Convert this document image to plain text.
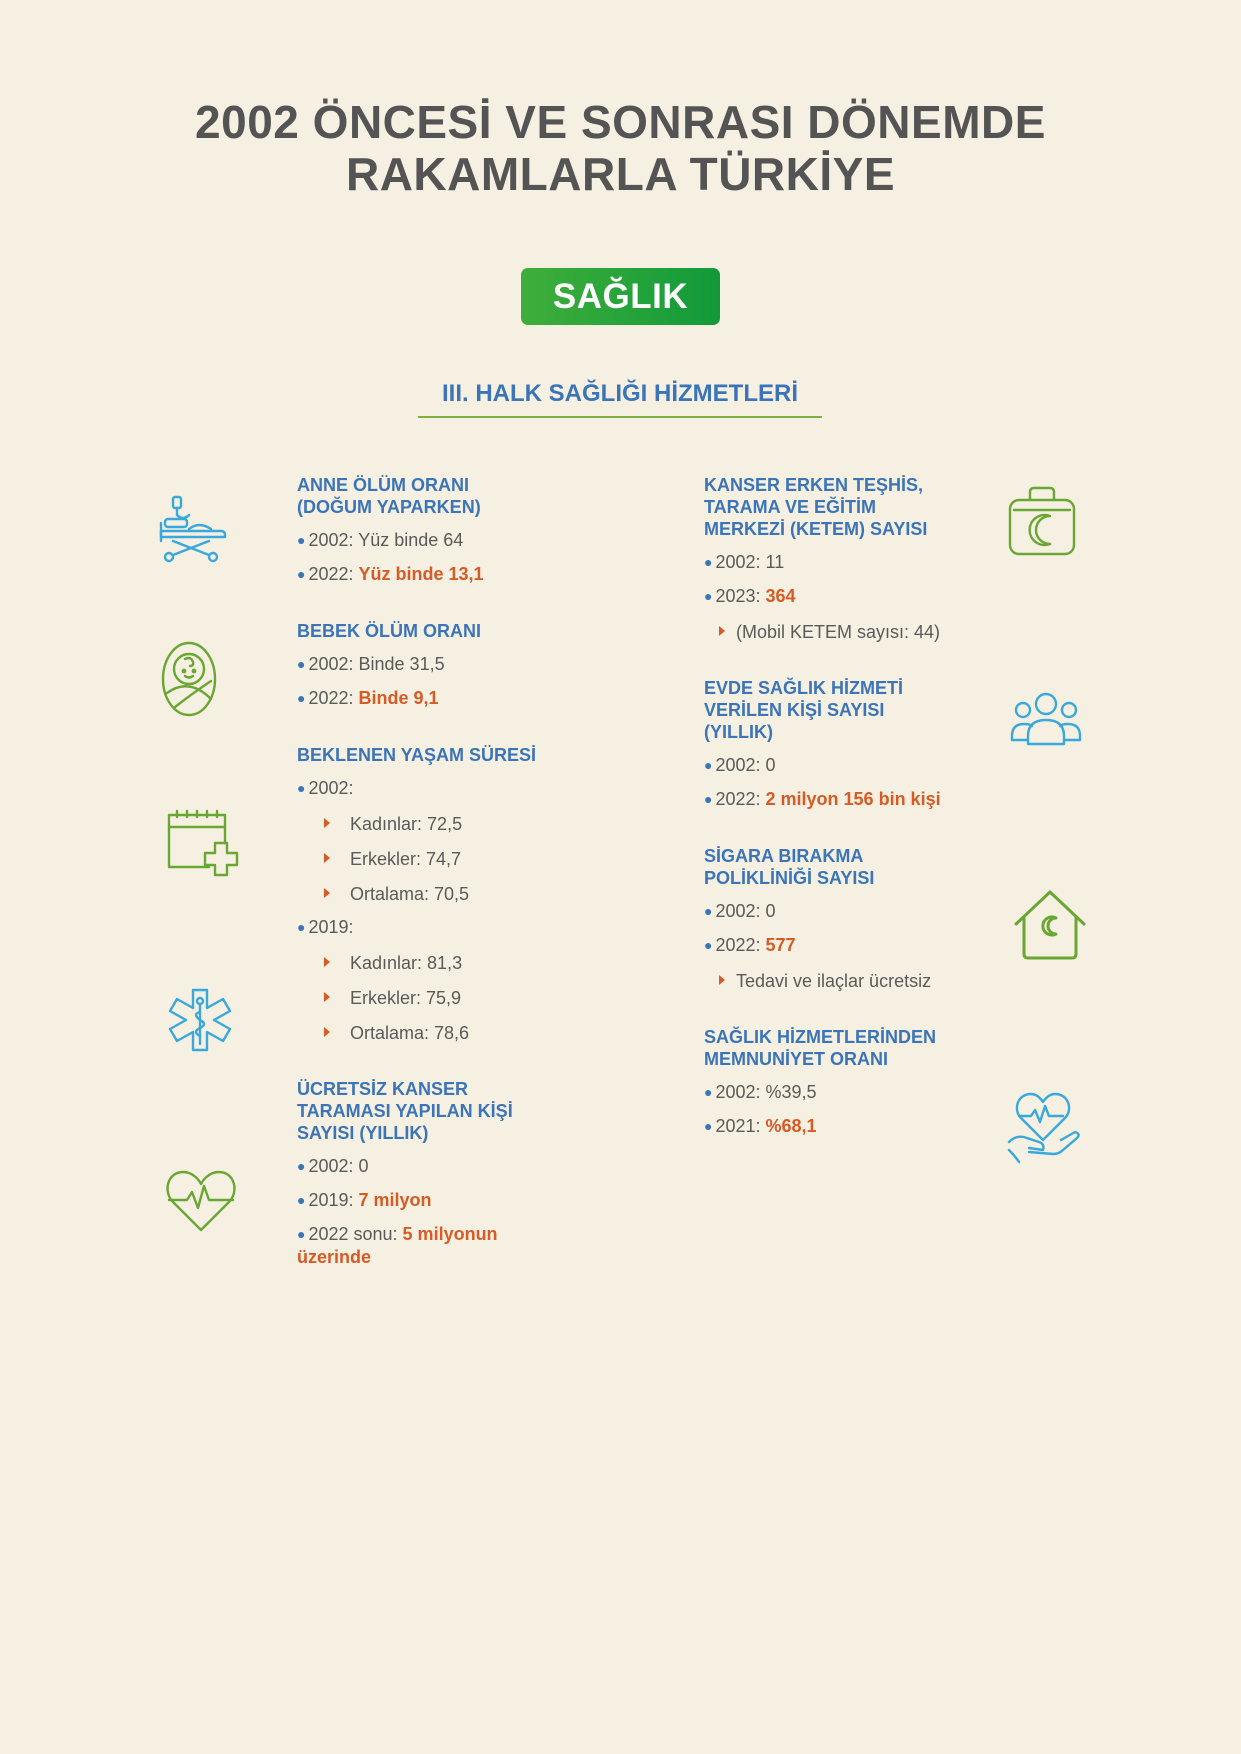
2002 ÖNCESİ VE SONRASI DÖNEMDE
RAKAMLARLA TÜRKİYE
SAĞLIK
III. HALK SAĞLIĞI HİZMETLERİ
ANNE ÖLÜM ORANI
(DOĞUM YAPARKEN)
● 2002: Yüz binde 64
● 2022: Yüz binde 13,1
BEBEK ÖLÜM ORANI
● 2002: Binde 31,5
● 2022: Binde 9,1
BEKLENEN YAŞAM SÜRESİ
● 2002:
Kadınlar: 72,5
Erkekler: 74,7
Ortalama: 70,5
● 2019:
Kadınlar: 81,3
Erkekler: 75,9
Ortalama: 78,6
ÜCRETSİZ KANSER
TARAMASI YAPILAN KİŞİ
SAYISI (YILLIK)
● 2002: 0
● 2019: 7 milyon
● 2022 sonu: 5 milyonun üzerinde
KANSER ERKEN TEŞHİS,
TARAMA VE EĞİTİM
MERKEZİ (KETEM) SAYISI
● 2002: 11
● 2023: 364
(Mobil KETEM sayısı: 44)
EVDE SAĞLIK HİZMETİ
VERİLEN KİŞİ SAYISI
(YILLIK)
● 2002: 0
● 2022: 2 milyon 156 bin kişi
SİGARA BIRAKMA
POLİKLİNİĞİ SAYISI
● 2002: 0
● 2022: 577
Tedavi ve ilaçlar ücretsiz
SAĞLIK HİZMETLERİNDEN
MEMNUNİYET ORANI
● 2002: %39,5
● 2021: %68,1
